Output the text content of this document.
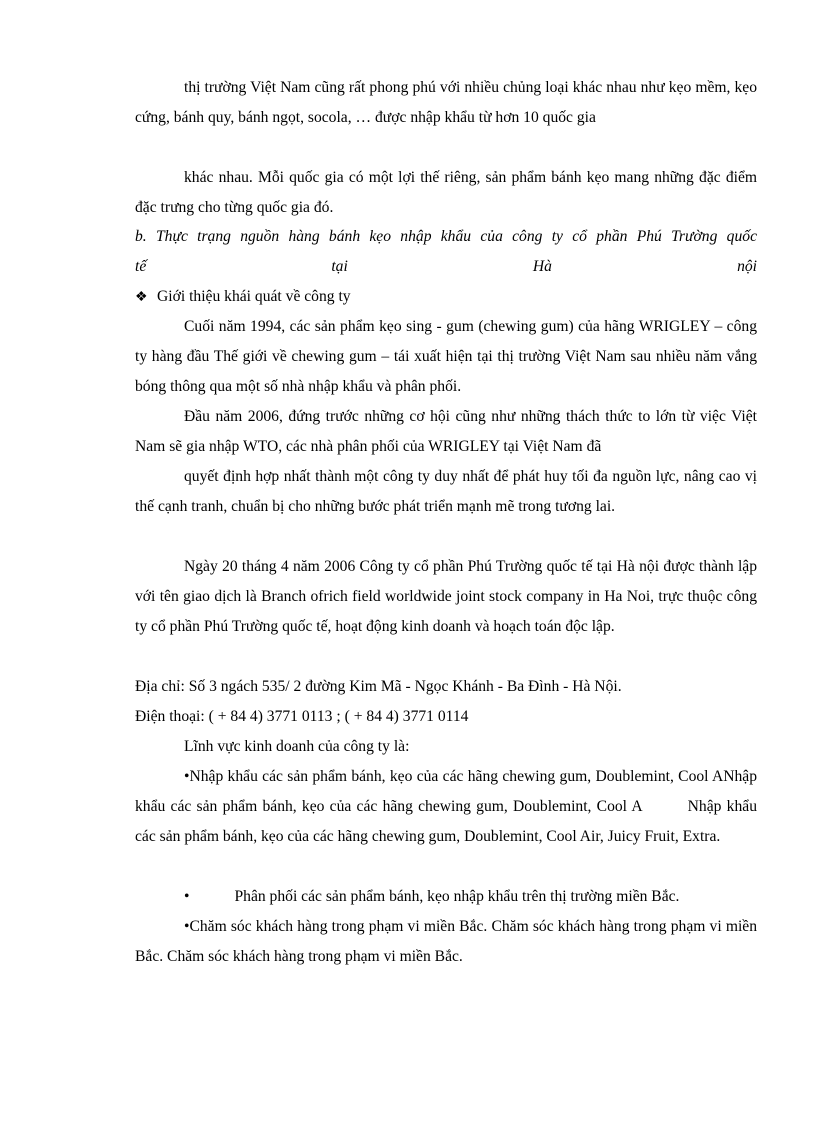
thị trường Việt Nam cũng rất phong phú với nhiều chủng loại khác nhau như kẹo mềm, kẹo cứng, bánh quy, bánh ngọt, socola, … được nhập khẩu từ hơn 10 quốc gia

khác nhau. Mỗi quốc gia có một lợi thế riêng, sản phẩm bánh kẹo mang những đặc điểm đặc trưng cho từng quốc gia đó.

b. Thực trạng nguồn hàng bánh kẹo nhập khẩu của công ty cổ phần Phú Trường quốc

tế tại Hà nội

❖ Giới thiệu khái quát về công ty

Cuối năm 1994, các sản phẩm kẹo sing - gum (chewing gum) của hãng WRIGLEY – công ty hàng đầu Thế giới về chewing gum – tái xuất hiện tại thị trường Việt Nam sau nhiều năm vắng bóng thông qua một số nhà nhập khẩu và phân phối.

Đầu năm 2006, đứng trước những cơ hội cũng như những thách thức to lớn từ việc Việt Nam sẽ gia nhập WTO, các nhà phân phối của WRIGLEY tại Việt Nam đã

quyết định hợp nhất thành một công ty duy nhất để phát huy tối đa nguồn lực, nâng cao vị thế cạnh tranh, chuẩn bị cho những bước phát triển mạnh mẽ trong tương lai.

Ngày 20 tháng 4 năm 2006 Công ty cổ phần Phú Trường quốc tế tại Hà nội được thành lập với tên giao dịch là Branch ofrich field worldwide joint stock company in Ha Noi, trực thuộc công ty cổ phần Phú Trường quốc tế, hoạt động kinh doanh và hoạch toán độc lập.

Địa chỉ: Số 3 ngách 535/ 2 đường Kim Mã - Ngọc Khánh - Ba Đình - Hà Nội.

Điện thoại: ( + 84 4) 3771 0113 ; ( + 84 4) 3771 0114

Lĩnh vực kinh doanh của công ty là:

•Nhập khẩu các sản phẩm bánh, kẹo của các hãng chewing gum, Doublemint, Cool ANhập khẩu các sản phẩm bánh, kẹo của các hãng chewing gum, Doublemint, Cool A	Nhập khẩu các sản phẩm bánh, kẹo của các hãng chewing gum, Doublemint, Cool Air, Juicy Fruit, Extra.

•	Phân phối các sản phẩm bánh, kẹo nhập khẩu trên thị trường miền Bắc.

•Chăm sóc khách hàng trong phạm vi miền Bắc. Chăm sóc khách hàng trong phạm vi miền Bắc. Chăm sóc khách hàng trong phạm vi miền Bắc.
